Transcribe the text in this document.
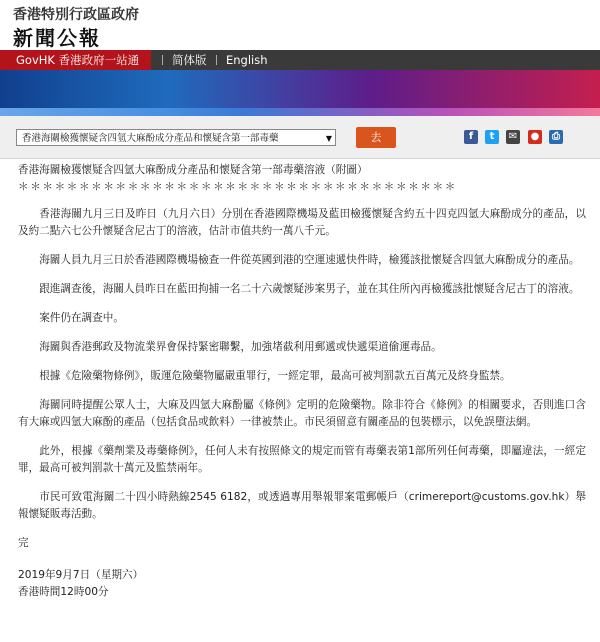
香港特別行政區政府
新聞公報
GovHK 香港政府一站通	简体版 English
香港海關檢獲懷疑含四氫大麻酚成分產品和懷疑含第一部毒藥	▼	去	f	t	✉ ●	⎙

香港海關檢獲懷疑含四氫大麻酚成分產品和懷疑含第一部毒藥溶液（附圖）

＊＊＊＊＊＊＊＊＊＊＊＊＊＊＊＊＊＊＊＊＊＊＊＊＊＊＊＊＊＊＊＊＊＊＊＊

香港海關九月三日及昨日（九月六日）分別在香港國際機場及藍田檢獲懷疑含約五十四克四氫大麻酚成分的產品，以及約二點六七公升懷疑含尼古丁的溶液，估計市值共約一萬八千元。

海關人員九月三日於香港國際機場檢查一件從英國到港的空運速遞快件時，檢獲該批懷疑含四氫大麻酚成分的產品。

跟進調查後，海關人員昨日在藍田拘捕一名二十六歲懷疑涉案男子，並在其住所內再檢獲該批懷疑含尼古丁的溶液。

案件仍在調查中。

海關與香港郵政及物流業界會保持緊密聯繫，加強堵截利用郵遞或快遞渠道偷運毒品。

根據《危險藥物條例》，販運危險藥物屬嚴重罪行，一經定罪，最高可被判罰款五百萬元及終身監禁。

海關同時提醒公眾人士，大麻及四氫大麻酚屬《條例》定明的危險藥物。除非符合《條例》的相關要求，否則進口含有大麻或四氫大麻酚的產品（包括食品或飲料）一律被禁止。市民須留意有關產品的包裝標示，以免誤墮法網。

此外，根據《藥劑業及毒藥條例》，任何人未有按照條文的規定而管有毒藥表第1部所列任何毒藥，即屬違法，一經定罪，最高可被判罰款十萬元及監禁兩年。

市民可致電海關二十四小時熱線2545 6182，或透過專用舉報罪案電郵帳戶（crimereport@customs.gov.hk）舉報懷疑販毒活動。

完

2019年9月7日（星期六）

香港時間12時00分
